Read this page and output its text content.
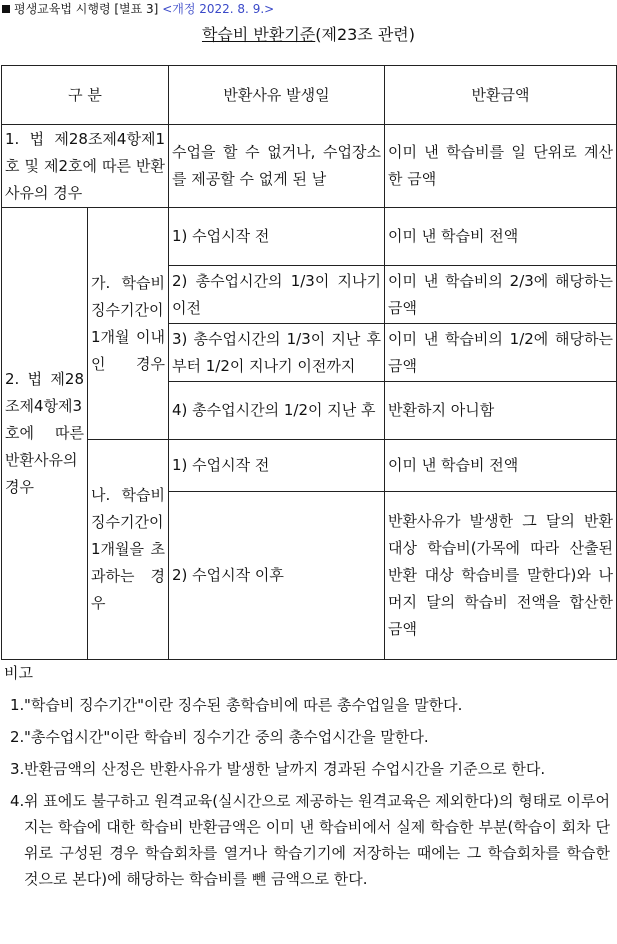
평생교육법 시행령 [별표 3] <개정 2022. 8. 9.>
학습비 반환기준(제23조 관련)
구 분		반환사유 발생일	반환금액
1. 법 제28조제4항제1호 및 제2호에 따른 반환사유의 경우		수업을 할 수 없거나, 수업장소를 제공할 수 없게 된 날	이미 낸 학습비를 일 단위로 계산한 금액
2. 법 제28조제4항제3호에 따른 반환사유의 경우	가. 학습비 징수기간이 1개월 이내인 경우	1) 수업시작 전	이미 낸 학습비 전액
		2) 총수업시간의 1/3이 지나기 이전	이미 낸 학습비의 2/3에 해당하는 금액
		3) 총수업시간의 1/3이 지난 후부터 1/2이 지나기 이전까지	이미 낸 학습비의 1/2에 해당하는 금액
		4) 총수업시간의 1/2이 지난 후	반환하지 아니함
	나. 학습비 징수기간이 1개월을 초과하는 경우	1) 수업시작 전	이미 낸 학습비 전액
		2) 수업시작 이후	반환사유가 발생한 그 달의 반환 대상 학습비(가목에 따라 산출된 반환 대상 학습비를 말한다)와 나머지 달의 학습비 전액을 합산한 금액
비고
1. "학습비 징수기간"이란 징수된 총학습비에 따른 총수업일을 말한다.
2. "총수업시간"이란 학습비 징수기간 중의 총수업시간을 말한다.
3. 반환금액의 산정은 반환사유가 발생한 날까지 경과된 수업시간을 기준으로 한다.
4. 위 표에도 불구하고 원격교육(실시간으로 제공하는 원격교육은 제외한다)의 형태로 이루어지는 학습에 대한 학습비 반환금액은 이미 낸 학습비에서 실제 학습한 부분(학습이 회차 단위로 구성된 경우 학습회차를 열거나 학습기기에 저장하는 때에는 그 학습회차를 학습한 것으로 본다)에 해당하는 학습비를 뺀 금액으로 한다.
